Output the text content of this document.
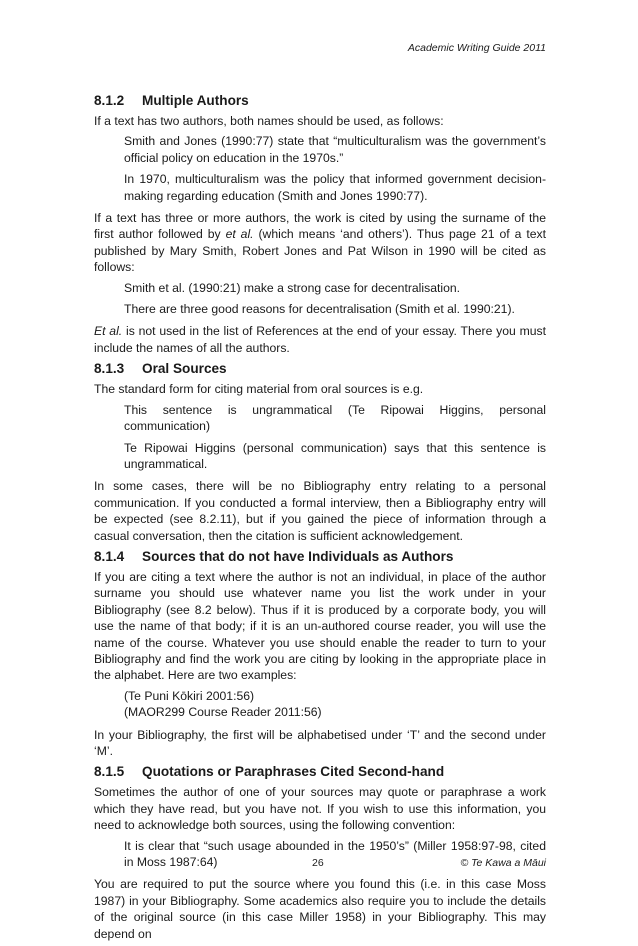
Academic Writing Guide 2011
8.1.2 Multiple Authors

If a text has two authors, both names should be used, as follows:

Smith and Jones (1990:77) state that “multiculturalism was the government’s official policy on education in the 1970s.”

In 1970, multiculturalism was the policy that informed government decision-making regarding education (Smith and Jones 1990:77).

If a text has three or more authors, the work is cited by using the surname of the first author followed by et al. (which means ‘and others’). Thus page 21 of a text published by Mary Smith, Robert Jones and Pat Wilson in 1990 will be cited as follows:

Smith et al. (1990:21) make a strong case for decentralisation.

There are three good reasons for decentralisation (Smith et al. 1990:21).

Et al. is not used in the list of References at the end of your essay. There you must include the names of all the authors.

8.1.3 Oral Sources

The standard form for citing material from oral sources is e.g.

This sentence is ungrammatical (Te Ripowai Higgins, personal communication)

Te Ripowai Higgins (personal communication) says that this sentence is ungrammatical.

In some cases, there will be no Bibliography entry relating to a personal communication. If you conducted a formal interview, then a Bibliography entry will be expected (see 8.2.11), but if you gained the piece of information through a casual conversation, then the citation is sufficient acknowledgement.

8.1.4 Sources that do not have Individuals as Authors

If you are citing a text where the author is not an individual, in place of the author surname you should use whatever name you list the work under in your Bibliography (see 8.2 below). Thus if it is produced by a corporate body, you will use the name of that body; if it is an un-authored course reader, you will use the name of the course. Whatever you use should enable the reader to turn to your Bibliography and find the work you are citing by looking in the appropriate place in the alphabet. Here are two examples:

(Te Puni Kōkiri 2001:56)

(MAOR299 Course Reader 2011:56)

In your Bibliography, the first will be alphabetised under ‘T’ and the second under ‘M’.

8.1.5 Quotations or Paraphrases Cited Second-hand

Sometimes the author of one of your sources may quote or paraphrase a work which they have read, but you have not. If you wish to use this information, you need to acknowledge both sources, using the following convention:

It is clear that “such usage abounded in the 1950’s” (Miller 1958:97-98, cited in Moss 1987:64)

You are required to put the source where you found this (i.e. in this case Moss 1987) in your Bibliography. Some academics also require you to include the details of the original source (in this case Miller 1958) in your Bibliography. This may depend on

26	© Te Kawa a Māui
